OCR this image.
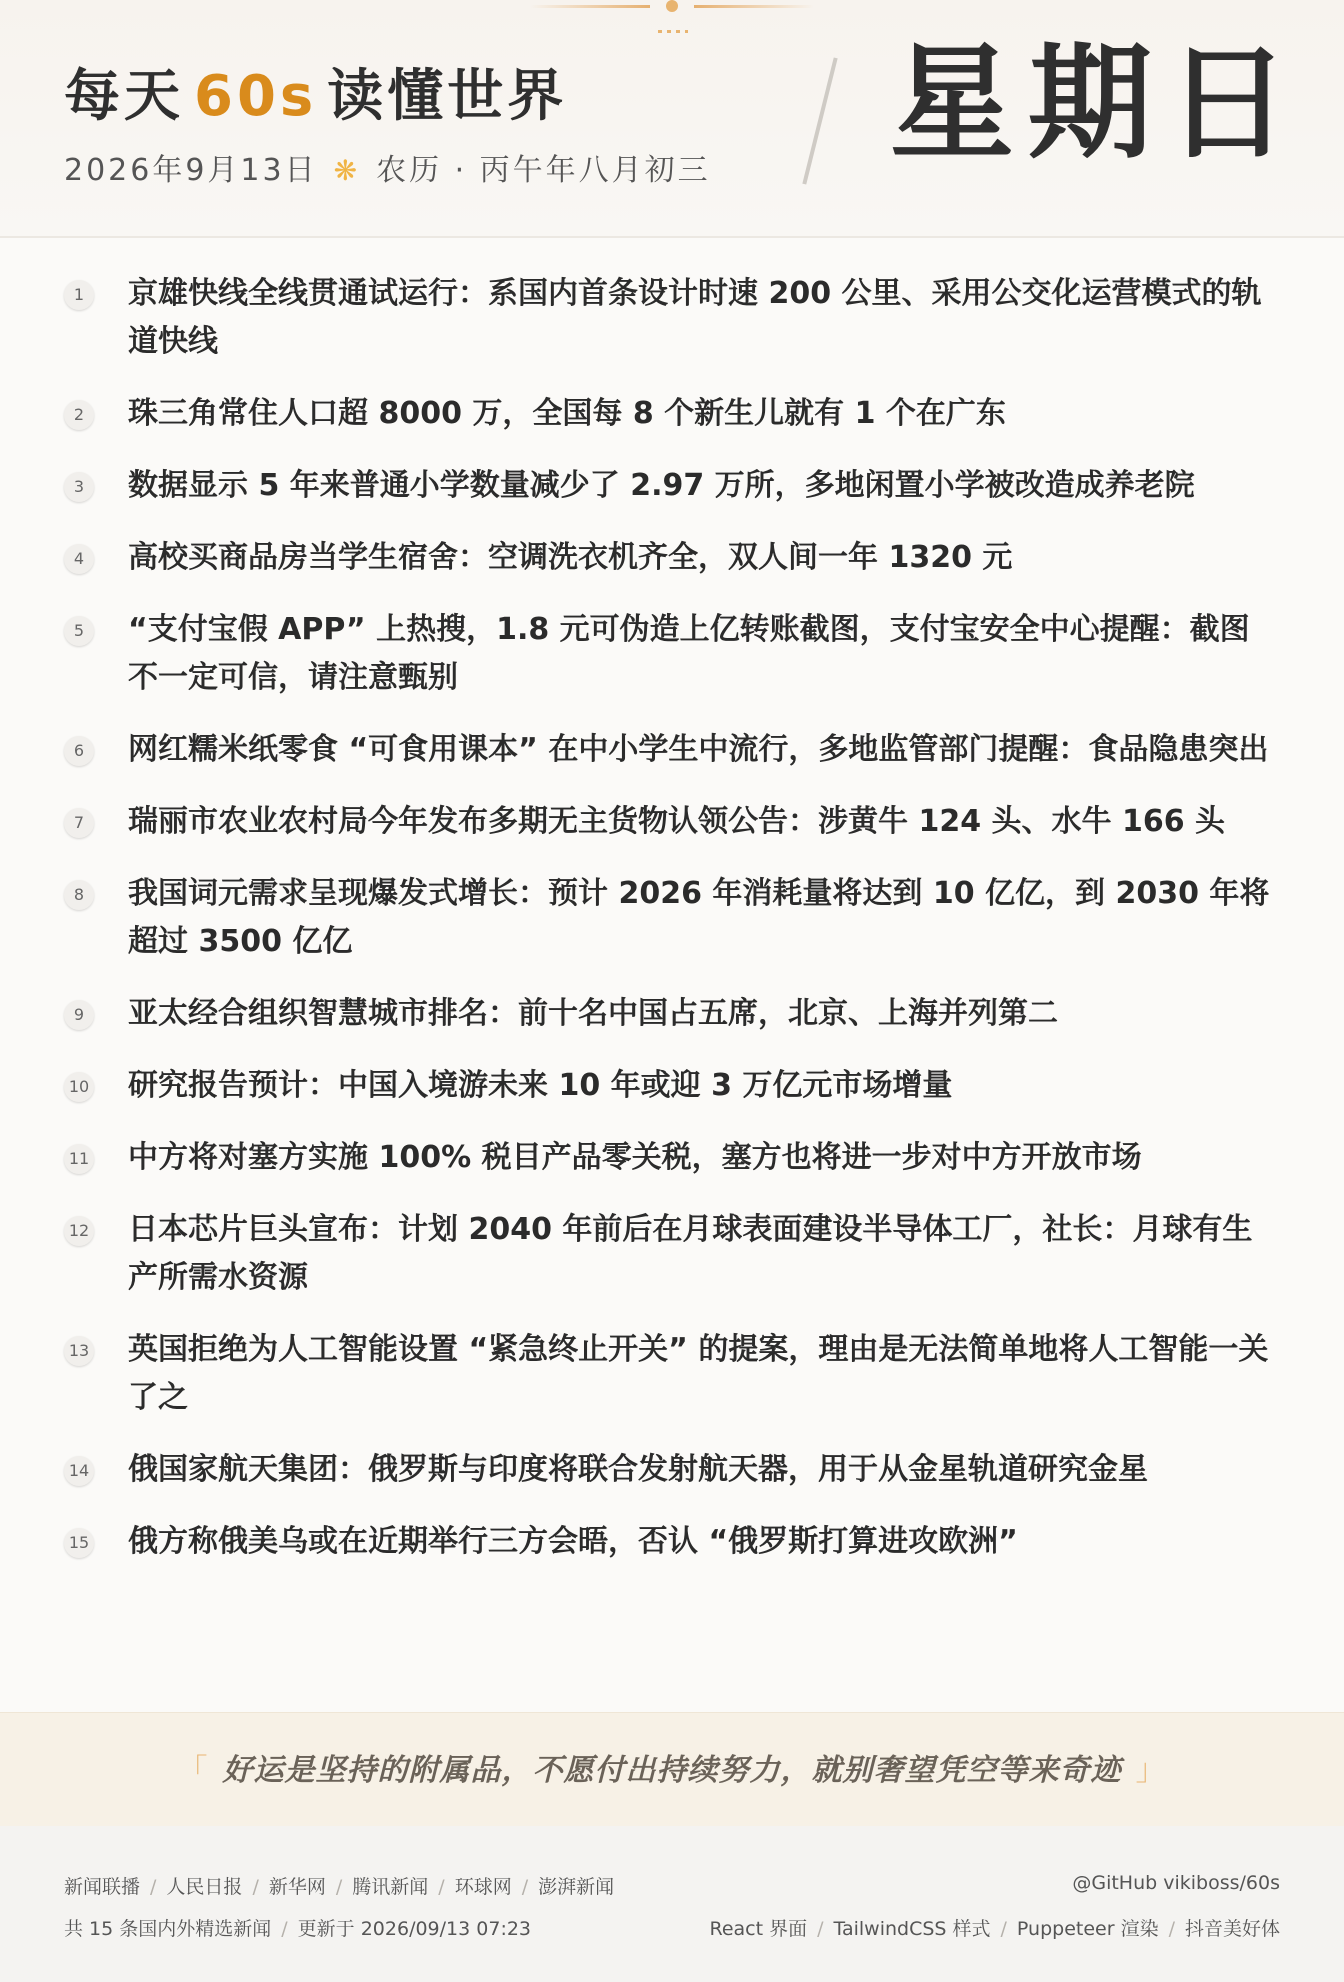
每天 60s 读懂世界
2026年9月13日 ❋ 农历 · 丙午年八月初三 星期日
1	京雄快线全线贯通试运行：系国内首条设计时速 200 公里、采用公交化运营模式的轨道快线
2	珠三角常住人口超 8000 万，全国每 8 个新生儿就有 1 个在广东
3	数据显示 5 年来普通小学数量减少了 2.97 万所，多地闲置小学被改造成养老院
4	高校买商品房当学生宿舍：空调洗衣机齐全，双人间一年 1320 元
5	“支付宝假 APP” 上热搜，1.8 元可伪造上亿转账截图，支付宝安全中心提醒：截图不一定可信，请注意甄别
6	网红糯米纸零食 “可食用课本” 在中小学生中流行，多地监管部门提醒：食品隐患突出
7	瑞丽市农业农村局今年发布多期无主货物认领公告：涉黄牛 124 头、水牛 166 头
8	我国词元需求呈现爆发式增长：预计 2026 年消耗量将达到 10 亿亿，到 2030 年将超过 3500 亿亿
9	亚太经合组织智慧城市排名：前十名中国占五席，北京、上海并列第二
10 研究报告预计：中国入境游未来 10 年或迎 3 万亿元市场增量
11 中方将对塞方实施 100% 税目产品零关税，塞方也将进一步对中方开放市场
12 日本芯片巨头宣布：计划 2040 年前后在月球表面建设半导体工厂，社长：月球有生产所需水资源
13 英国拒绝为人工智能设置 “紧急终止开关” 的提案，理由是无法简单地将人工智能一关了之
14 俄国家航天集团：俄罗斯与印度将联合发射航天器，用于从金星轨道研究金星
15 俄方称俄美乌或在近期举行三方会晤，否认 “俄罗斯打算进攻欧洲”
「 好运是坚持的附属品，不愿付出持续努力，就别奢望凭空等来奇迹 」
新闻联播 / 人民日报 / 新华网 / 腾讯新闻 / 环球网 / 澎湃新闻
共 15 条国内外精选新闻 / 更新于 2026/09/13 07:23
@GitHub vikiboss/60s
React 界面 / TailwindCSS 样式 / Puppeteer 渲染 / 抖音美好体
